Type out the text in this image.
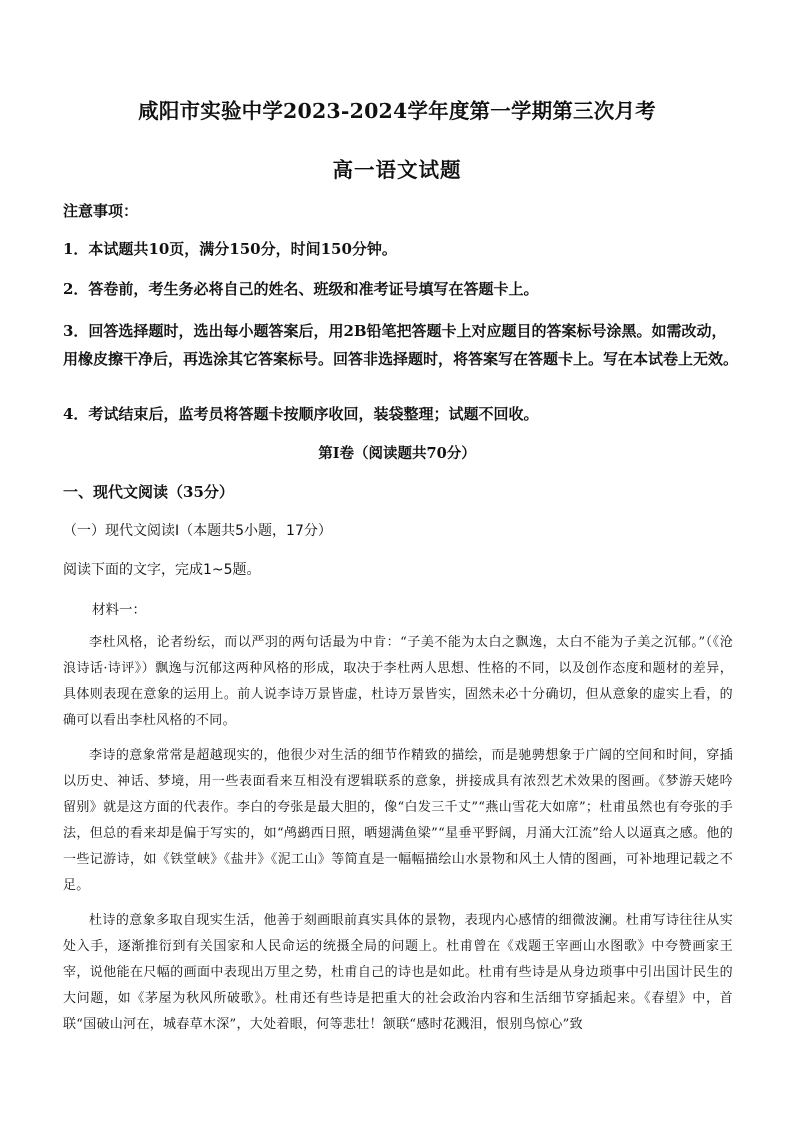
咸阳市实验中学2023-2024学年度第一学期第三次月考
高一语文试题
注意事项：
1．本试题共10页，满分150分，时间150分钟。
2．答卷前，考生务必将自己的姓名、班级和准考证号填写在答题卡上。
3．回答选择题时，选出每小题答案后，用2B铅笔把答题卡上对应题目的答案标号涂黑。如需改动，用橡皮擦干净后，再选涂其它答案标号。回答非选择题时，将答案写在答题卡上。写在本试卷上无效。
4．考试结束后，监考员将答题卡按顺序收回，装袋整理；试题不回收。
第I卷（阅读题共70分）
一、现代文阅读（35分）
（一）现代文阅读I（本题共5小题，17分）
阅读下面的文字，完成1~5题。
材料一：
李杜风格，论者纷纭，而以严羽的两句话最为中肯：“子美不能为太白之飘逸，太白不能为子美之沉郁。”（《沧浪诗话·诗评》）飘逸与沉郁这两种风格的形成，取决于李杜两人思想、性格的不同，以及创作态度和题材的差异，具体则表现在意象的运用上。前人说李诗万景皆虚，杜诗万景皆实，固然未必十分确切，但从意象的虚实上看，的确可以看出李杜风格的不同。
李诗的意象常常是超越现实的，他很少对生活的细节作精致的描绘，而是驰骋想象于广阔的空间和时间，穿插以历史、神话、梦境，用一些表面看来互相没有逻辑联系的意象，拼接成具有浓烈艺术效果的图画。《梦游天姥吟留别》就是这方面的代表作。李白的夸张是最大胆的，像“白发三千丈”“燕山雪花大如席”；杜甫虽然也有夸张的手法，但总的看来却是偏于写实的，如“鸬鹚西日照，晒翅满鱼梁”“星垂平野阔，月涌大江流”给人以逼真之感。他的一些记游诗，如《铁堂峡》《盐井》《泥工山》等简直是一幅幅描绘山水景物和风土人情的图画，可补地理记载之不足。
杜诗的意象多取自现实生活，他善于刻画眼前真实具体的景物，表现内心感情的细微波澜。杜甫写诗往往从实处入手，逐渐推衍到有关国家和人民命运的统摄全局的问题上。杜甫曾在《戏题王宰画山水图歌》中夸赞画家王宰，说他能在尺幅的画面中表现出万里之势，杜甫自己的诗也是如此。杜甫有些诗是从身边琐事中引出国计民生的大问题，如《茅屋为秋风所破歌》。杜甫还有些诗是把重大的社会政治内容和生活细节穿插起来。《春望》中，首联“国破山河在，城春草木深”，大处着眼，何等悲壮！颔联“感时花溅泪，恨别鸟惊心”致
